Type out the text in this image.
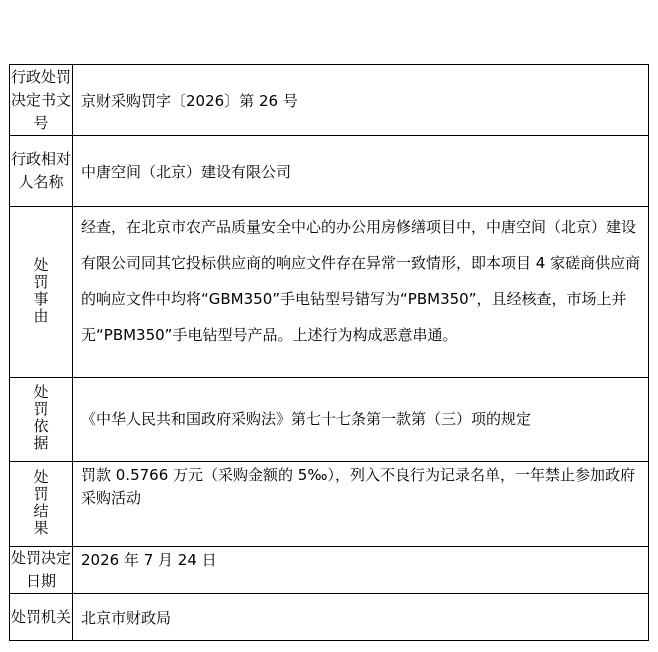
行政处罚决定书文号	京财采购罚字〔2026〕第 26 号
行政相对人名称	中唐空间（北京）建设有限公司
处罚事由	经查，在北京市农产品质量安全中心的办公用房修缮项目中，中唐空间（北京）建设有限公司同其它投标供应商的响应文件存在异常一致情形，即本项目 4 家磋商供应商的响应文件中均将“GBM350”手电钻型号错写为“PBM350”，且经核查，市场上并无“PBM350”手电钻型号产品。上述行为构成恶意串通。
处罚依据	《中华人民共和国政府采购法》第七十七条第一款第（三）项的规定
处罚结果	罚款 0.5766 万元（采购金额的 5‰），列入不良行为记录名单，一年禁止参加政府采购活动
处罚决定日期	2026 年 7 月 24 日
处罚机关	北京市财政局
